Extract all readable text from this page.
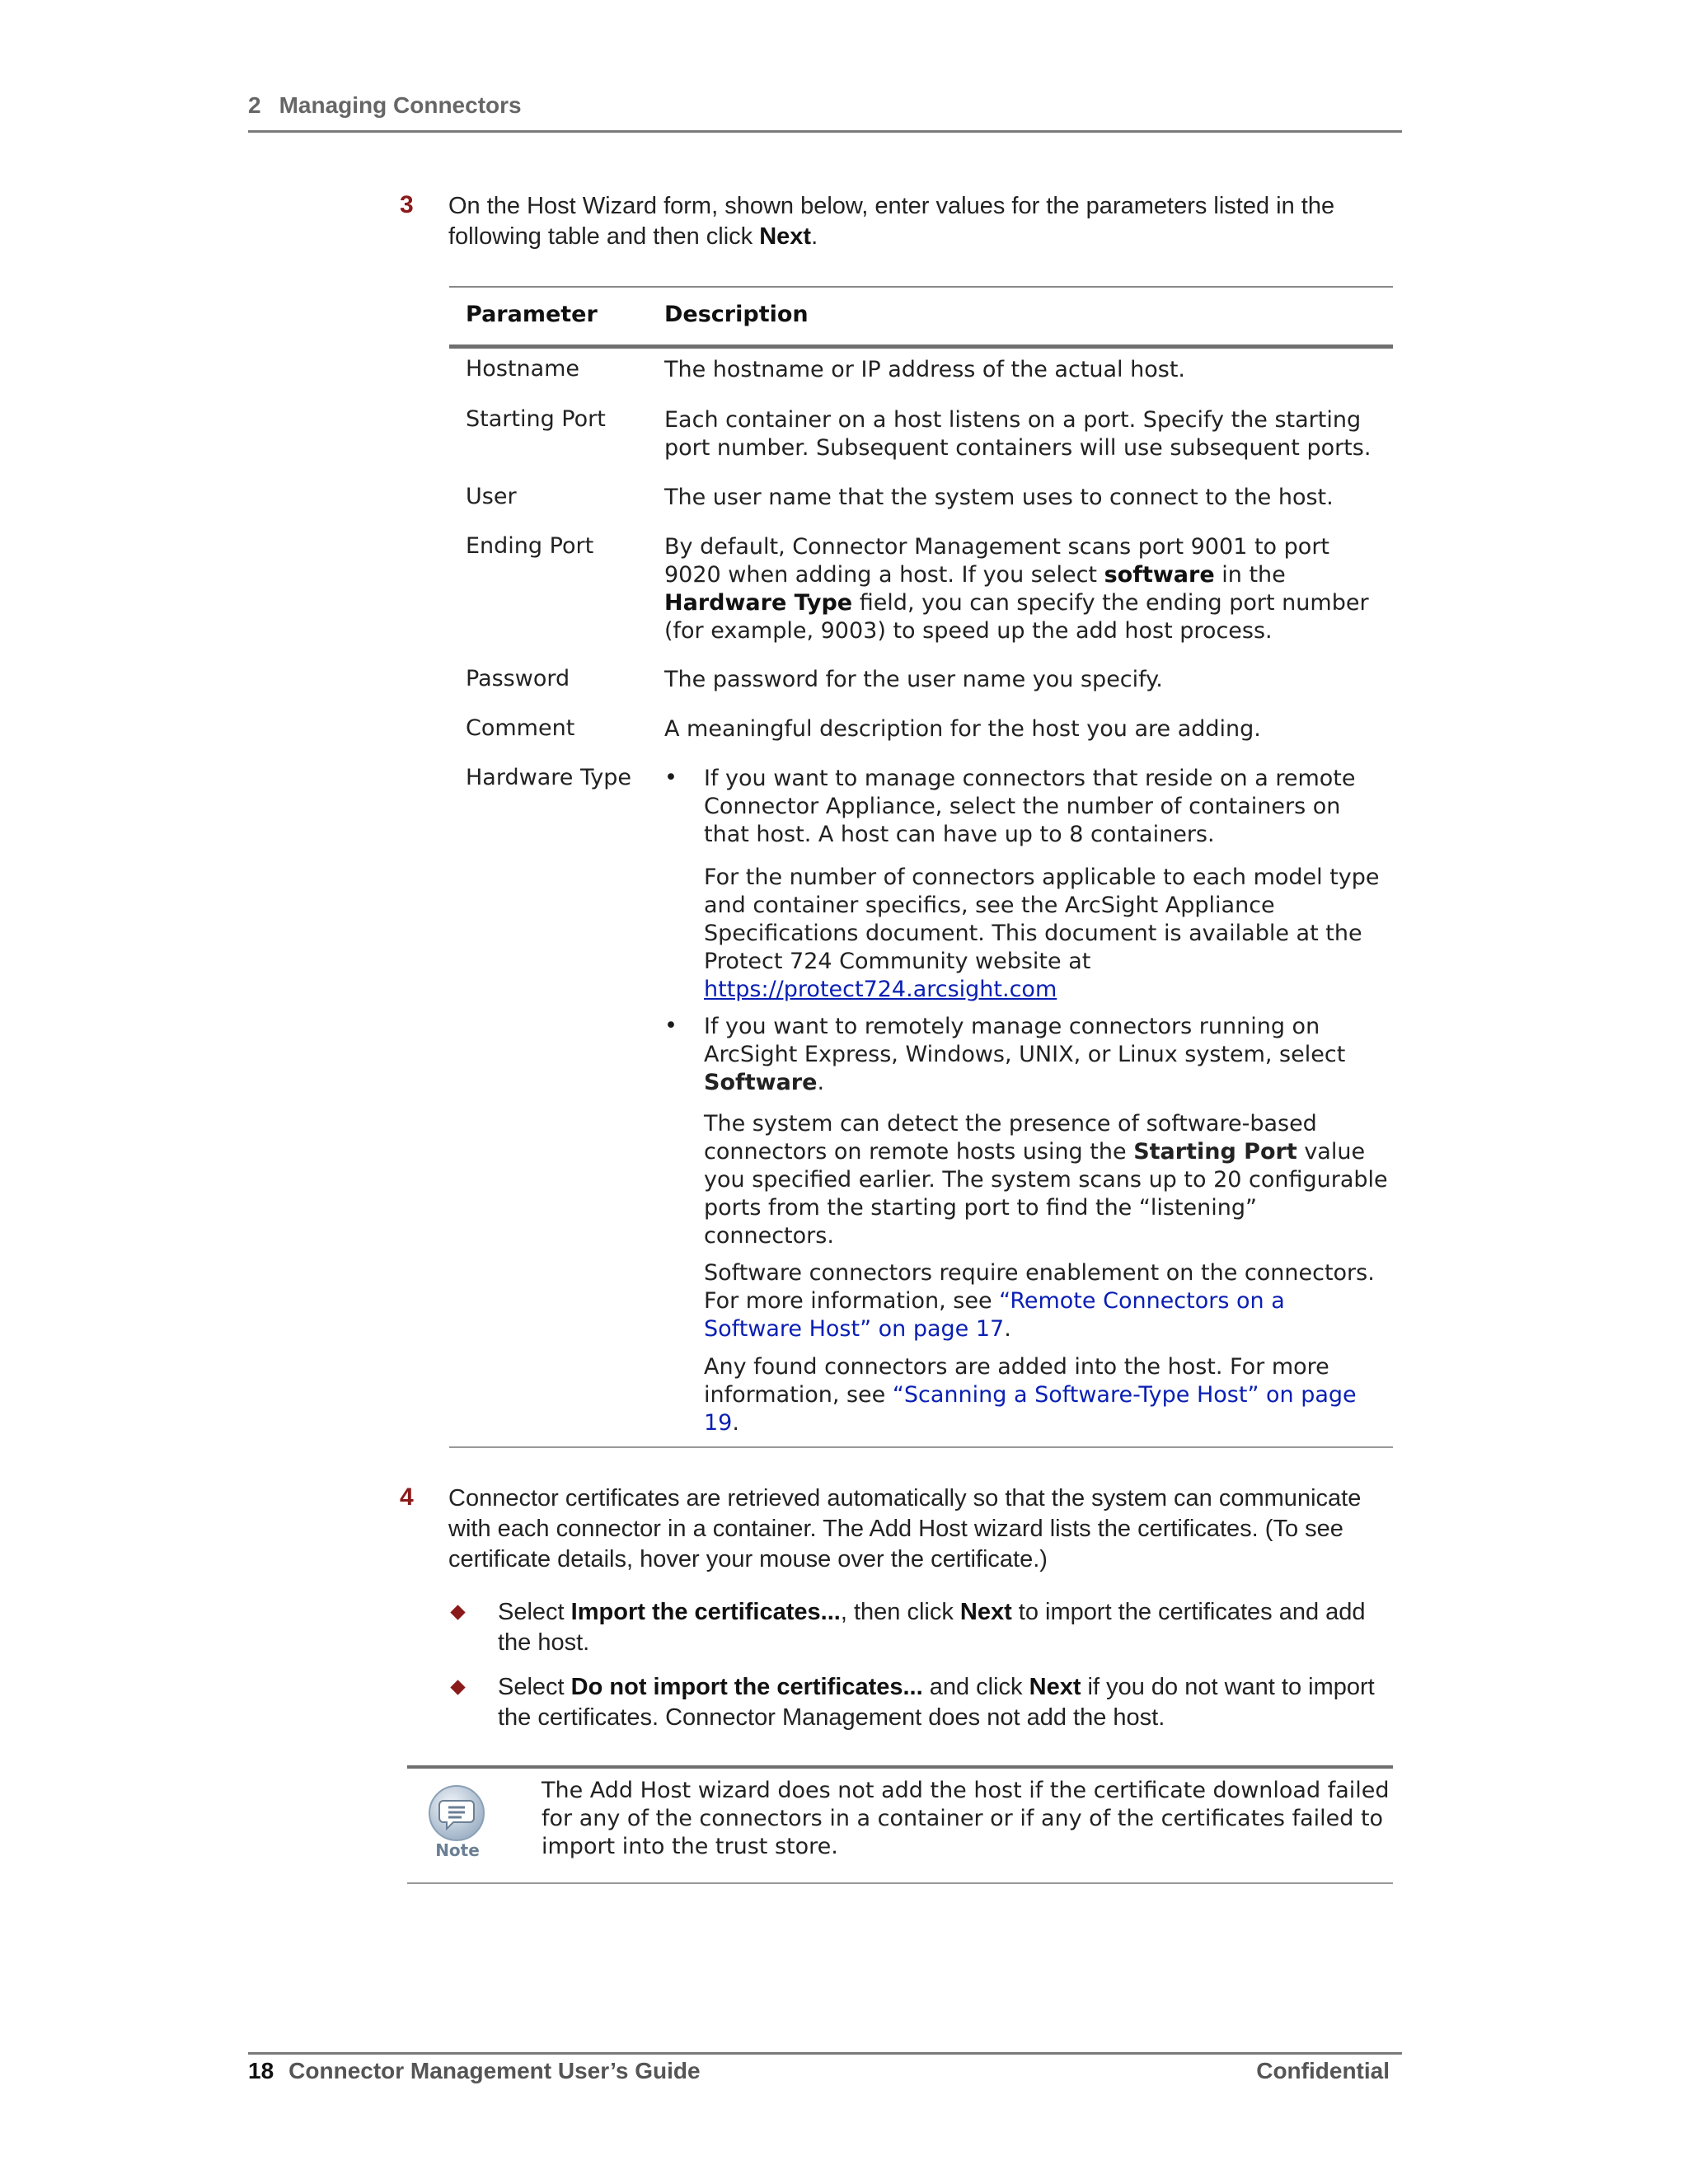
2 Managing Connectors
3 On the Host Wizard form, shown below, enter values for the parameters listed in the following table and then click Next.
Parameter	Description
Hostname	The hostname or IP address of the actual host.
Starting Port	Each container on a host listens on a port. Specify the starting port number. Subsequent containers will use subsequent ports.
User	The user name that the system uses to connect to the host.
Ending Port	By default, Connector Management scans port 9001 to port 9020 when adding a host. If you select software in the Hardware Type field, you can specify the ending port number (for example, 9003) to speed up the add host process.
Password	The password for the user name you specify.
Comment	A meaningful description for the host you are adding.
Hardware Type • If you want to manage connectors that reside on a remote Connector Appliance, select the number of containers on that host. A host can have up to 8 containers.
For the number of connectors applicable to each model type and container specifics, see the ArcSight Appliance Specifications document. This document is available at the Protect 724 Community website at
https://protect724.arcsight.com
• If you want to remotely manage connectors running on ArcSight Express, Windows, UNIX, or Linux system, select Software.
The system can detect the presence of software-based connectors on remote hosts using the Starting Port value you specified earlier. The system scans up to 20 configurable ports from the starting port to find the “listening” connectors.
Software connectors require enablement on the connectors. For more information, see “Remote Connectors on a Software Host” on page 17.
Any found connectors are added into the host. For more information, see “Scanning a Software-Type Host” on page 19.
4 Connector certificates are retrieved automatically so that the system can communicate with each connector in a container. The Add Host wizard lists the certificates. (To see certificate details, hover your mouse over the certificate.)
Select Import the certificates..., then click Next to import the certificates and add the host.
Select Do not import the certificates... and click Next if you do not want to import the certificates. Connector Management does not add the host.
Note
The Add Host wizard does not add the host if the certificate download failed for any of the connectors in a container or if any of the certificates failed to import into the trust store.
18 Connector Management User’s Guide	Confidential
